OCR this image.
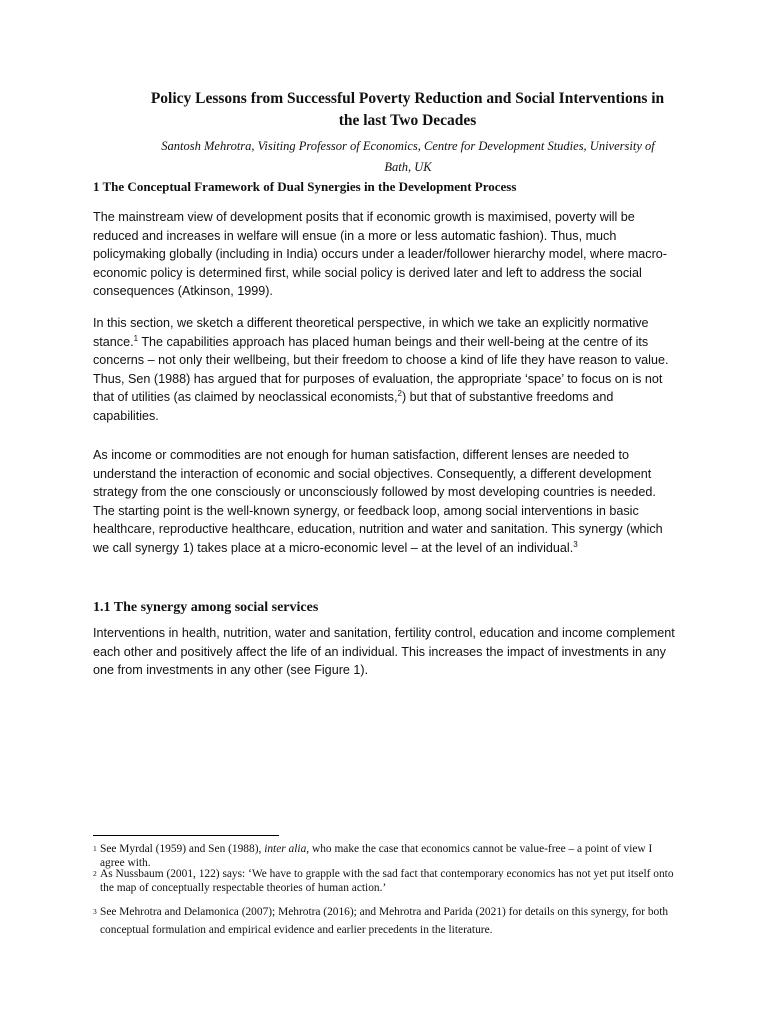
Policy Lessons from Successful Poverty Reduction and Social Interventions in the last Two Decades
Santosh Mehrotra, Visiting Professor of Economics, Centre for Development Studies, University of Bath, UK
1 The Conceptual Framework of Dual Synergies in the Development Process

The mainstream view of development posits that if economic growth is maximised, poverty will be reduced and increases in welfare will ensue (in a more or less automatic fashion). Thus, much policymaking globally (including in India) occurs under a leader/follower hierarchy model, where macro-economic policy is determined first, while social policy is derived later and left to address the social consequences (Atkinson, 1999).

In this section, we sketch a different theoretical perspective, in which we take an explicitly normative stance.$^1$ The capabilities approach has placed human beings and their well-being at the centre of its concerns – not only their wellbeing, but their freedom to choose a kind of life they have reason to value. Thus, Sen (1988) has argued that for purposes of evaluation, the appropriate ‘space’ to focus on is not that of utilities (as claimed by neoclassical economists,$^2$) but that of substantive freedoms and capabilities.

As income or commodities are not enough for human satisfaction, different lenses are needed to understand the interaction of economic and social objectives. Consequently, a different development strategy from the one consciously or unconsciously followed by most developing countries is needed. The starting point is the well-known synergy, or feedback loop, among social interventions in basic healthcare, reproductive healthcare, education, nutrition and water and sanitation. This synergy (which we call synergy 1) takes place at a micro-economic level – at the level of an individual.$^3$

1.1 The synergy among social services

Interventions in health, nutrition, water and sanitation, fertility control, education and income complement each other and positively affect the life of an individual. This increases the impact of investments in any one from investments in any other (see Figure 1).

1 See Myrdal (1959) and Sen (1988), inter alia, who make the case that economics cannot be value-free – a point of view I agree with.
2 As Nussbaum (2001, 122) says: ‘We have to grapple with the sad fact that contemporary economics has not yet put itself onto the map of conceptually respectable theories of human action.’
3 See Mehrotra and Delamonica (2007); Mehrotra (2016); and Mehrotra and Parida (2021) for details on this synergy, for both conceptual formulation and empirical evidence and earlier precedents in the literature.
